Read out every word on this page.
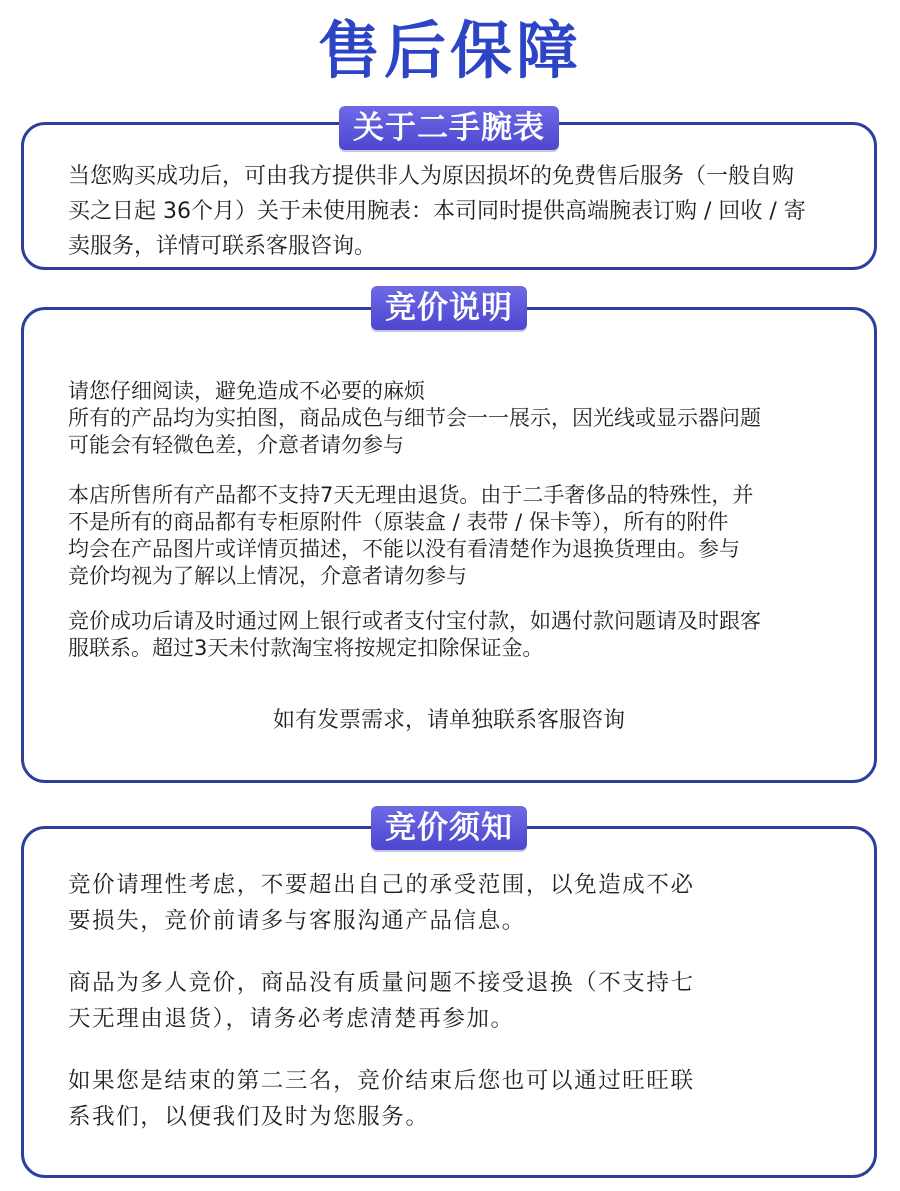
售后保障
关于二手腕表

当您购买成功后，可由我方提供非人为原因损坏的免费售后服务（一般自购
买之日起 36个月）关于未使用腕表：本司同时提供高端腕表订购 / 回收 / 寄
卖服务，详情可联系客服咨询。

竞价说明

请您仔细阅读，避免造成不必要的麻烦
所有的产品均为实拍图，商品成色与细节会一一展示，因光线或显示器问题
可能会有轻微色差，介意者请勿参与

本店所售所有产品都不支持7天无理由退货。由于二手奢侈品的特殊性，并
不是所有的商品都有专柜原附件（原装盒 / 表带 / 保卡等），所有的附件
均会在产品图片或详情页描述，不能以没有看清楚作为退换货理由。参与
竞价均视为了解以上情况，介意者请勿参与

竞价成功后请及时通过网上银行或者支付宝付款，如遇付款问题请及时跟客
服联系。超过3天未付款淘宝将按规定扣除保证金。

如有发票需求，请单独联系客服咨询

竞价须知

竞价请理性考虑，不要超出自己的承受范围，以免造成不必
要损失，竞价前请多与客服沟通产品信息。

商品为多人竞价，商品没有质量问题不接受退换（不支持七
天无理由退货），请务必考虑清楚再参加。

如果您是结束的第二三名，竞价结束后您也可以通过旺旺联
系我们，以便我们及时为您服务。
